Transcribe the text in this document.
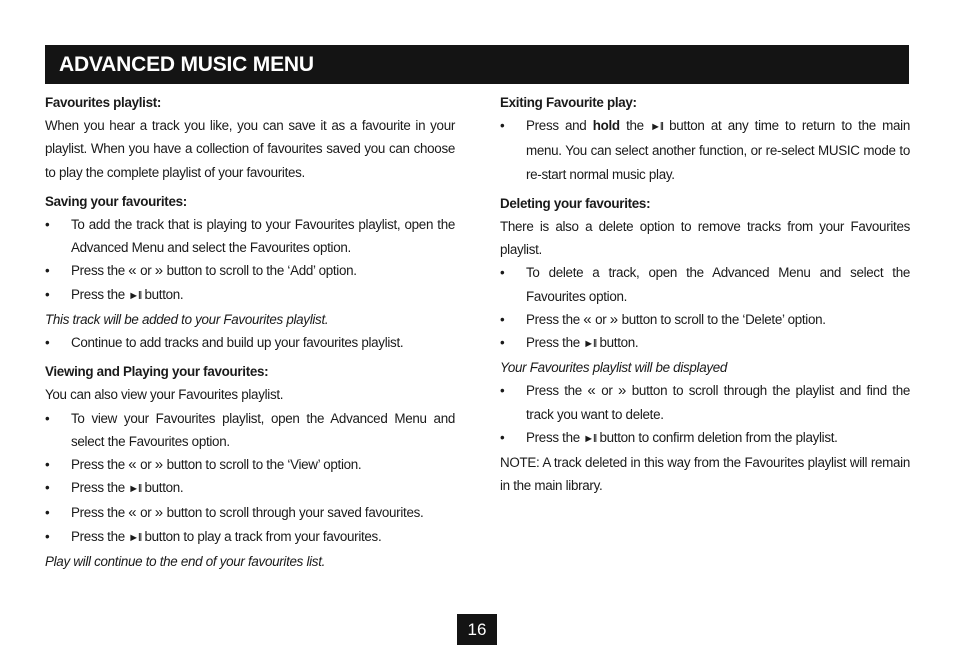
ADVANCED MUSIC MENU
Favourites playlist:

When you hear a track you like, you can save it as a favourite in your playlist. When you have a collection of favourites saved you can choose to play the complete playlist of your favourites.

Saving your favourites:
• To add the track that is playing to your Favourites playlist, open the Advanced Menu and select the Favourites option.
• Press the « or » button to scroll to the ‘Add’ option.
• Press the ►ll button.

This track will be added to your Favourites playlist.

• Continue to add tracks and build up your favourites playlist.
Viewing and Playing your favourites:

You can also view your Favourites playlist.

• To view your Favourites playlist, open the Advanced Menu and select the Favourites option.
• Press the « or » button to scroll to the ‘View’ option.
• Press the ►ll button.
• Press the « or » button to scroll through your saved favourites.
• Press the ►ll button to play a track from your favourites.

Play will continue to the end of your favourites list.

Exiting Favourite play:
• Press and hold the ►ll button at any time to return to the main menu. You can select another function, or re-select MUSIC mode to re-start normal music play.
Deleting your favourites:

There is also a delete option to remove tracks from your Favourites playlist.

• To delete a track, open the Advanced Menu and select the Favourites option.
• Press the « or » button to scroll to the ‘Delete’ option.
• Press the ►ll button.

Your Favourites playlist will be displayed

• Press the « or » button to scroll through the playlist and find the track you want to delete.
• Press the ►ll button to confirm deletion from the playlist.

NOTE: A track deleted in this way from the Favourites playlist will remain in the main library.

16
